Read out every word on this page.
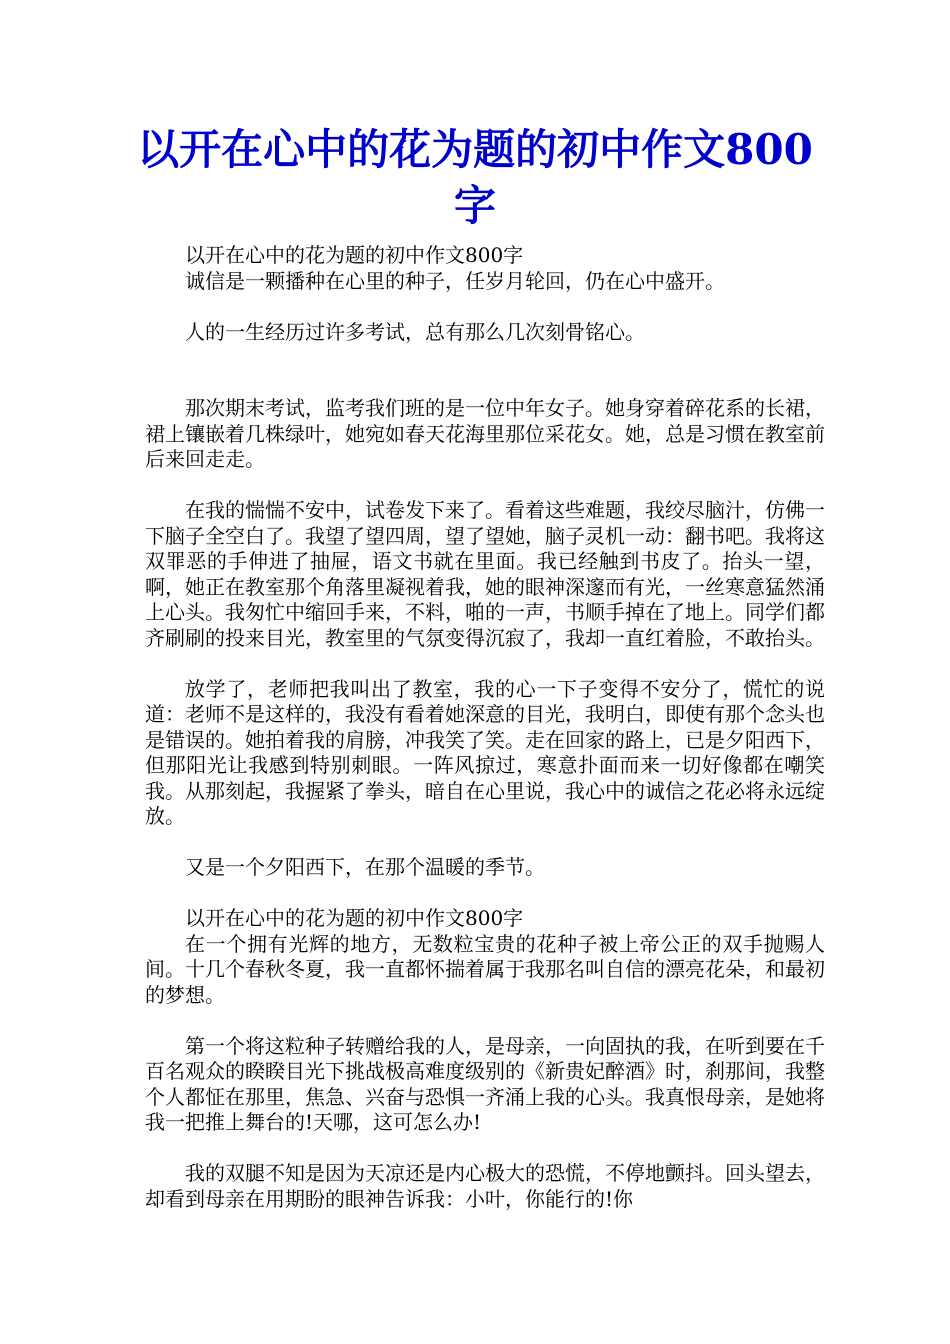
以开在心中的花为题的初中作文800字

以开在心中的花为题的初中作文800字

诚信是一颗播种在心里的种子，任岁月轮回，仍在心中盛开。

人的一生经历过许多考试，总有那么几次刻骨铭心。

那次期末考试，监考我们班的是一位中年女子。她身穿着碎花系的长裙，裙上镶嵌着几株绿叶，她宛如春天花海里那位采花女。她，总是习惯在教室前后来回走走。

在我的惴惴不安中，试卷发下来了。看着这些难题，我绞尽脑汁，仿佛一下脑子全空白了。我望了望四周，望了望她，脑子灵机一动：翻书吧。我将这双罪恶的手伸进了抽屉，语文书就在里面。我已经触到书皮了。抬头一望，啊，她正在教室那个角落里凝视着我，她的眼神深邃而有光，一丝寒意猛然涌上心头。我匆忙中缩回手来，不料，啪的一声，书顺手掉在了地上。同学们都齐刷刷的投来目光，教室里的气氛变得沉寂了，我却一直红着脸，不敢抬头。

放学了，老师把我叫出了教室，我的心一下子变得不安分了，慌忙的说道：老师不是这样的，我没有看着她深意的目光，我明白，即使有那个念头也是错误的。她拍着我的肩膀，冲我笑了笑。走在回家的路上，已是夕阳西下，但那阳光让我感到特别刺眼。一阵风掠过，寒意扑面而来一切好像都在嘲笑我。从那刻起，我握紧了拳头，暗自在心里说，我心中的诚信之花必将永远绽放。

又是一个夕阳西下，在那个温暖的季节。

以开在心中的花为题的初中作文800字

在一个拥有光辉的地方，无数粒宝贵的花种子被上帝公正的双手抛赐人间。十几个春秋冬夏，我一直都怀揣着属于我那名叫自信的漂亮花朵，和最初的梦想。

第一个将这粒种子转赠给我的人，是母亲，一向固执的我，在听到要在千百名观众的睽睽目光下挑战极高难度级别的《新贵妃醉酒》时，刹那间，我整个人都怔在那里，焦急、兴奋与恐惧一齐涌上我的心头。我真恨母亲，是她将我一把推上舞台的!天哪，这可怎么办!

我的双腿不知是因为天凉还是内心极大的恐慌，不停地颤抖。回头望去，却看到母亲在用期盼的眼神告诉我：小叶，你能行的!你
